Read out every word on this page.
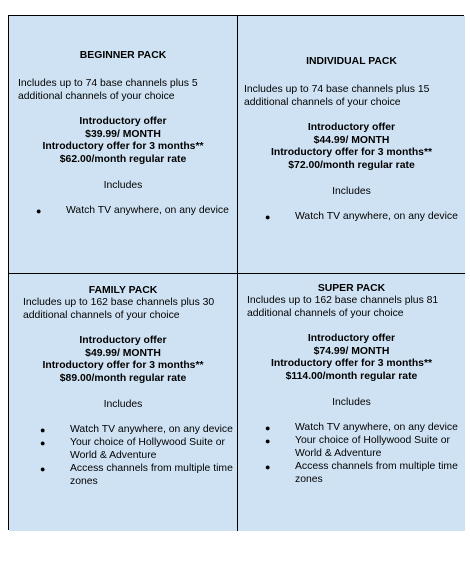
BEGINNER PACK
Includes up to 74 base channels plus 5 additional channels of your choice
Introductory offer
$39.99/ MONTH
Introductory offer for 3 months**
$62.00/month regular rate
Includes
● Watch TV anywhere, on any device
INDIVIDUAL PACK
Includes up to 74 base channels plus 15 additional channels of your choice
Introductory offer
$44.99/ MONTH
Introductory offer for 3 months**
$72.00/month regular rate
Includes
● Watch TV anywhere, on any device
FAMILY PACK
Includes up to 162 base channels plus 30 additional channels of your choice
Introductory offer
$49.99/ MONTH
Introductory offer for 3 months**
$89.00/month regular rate
Includes
● Watch TV anywhere, on any device
● Your choice of Hollywood Suite or World & Adventure
● Access channels from multiple time zones
SUPER PACK
Includes up to 162 base channels plus 81 additional channels of your choice
Introductory offer
$74.99/ MONTH
Introductory offer for 3 months**
$114.00/month regular rate
Includes
● Watch TV anywhere, on any device
● Your choice of Hollywood Suite or World & Adventure
● Access channels from multiple time zones
